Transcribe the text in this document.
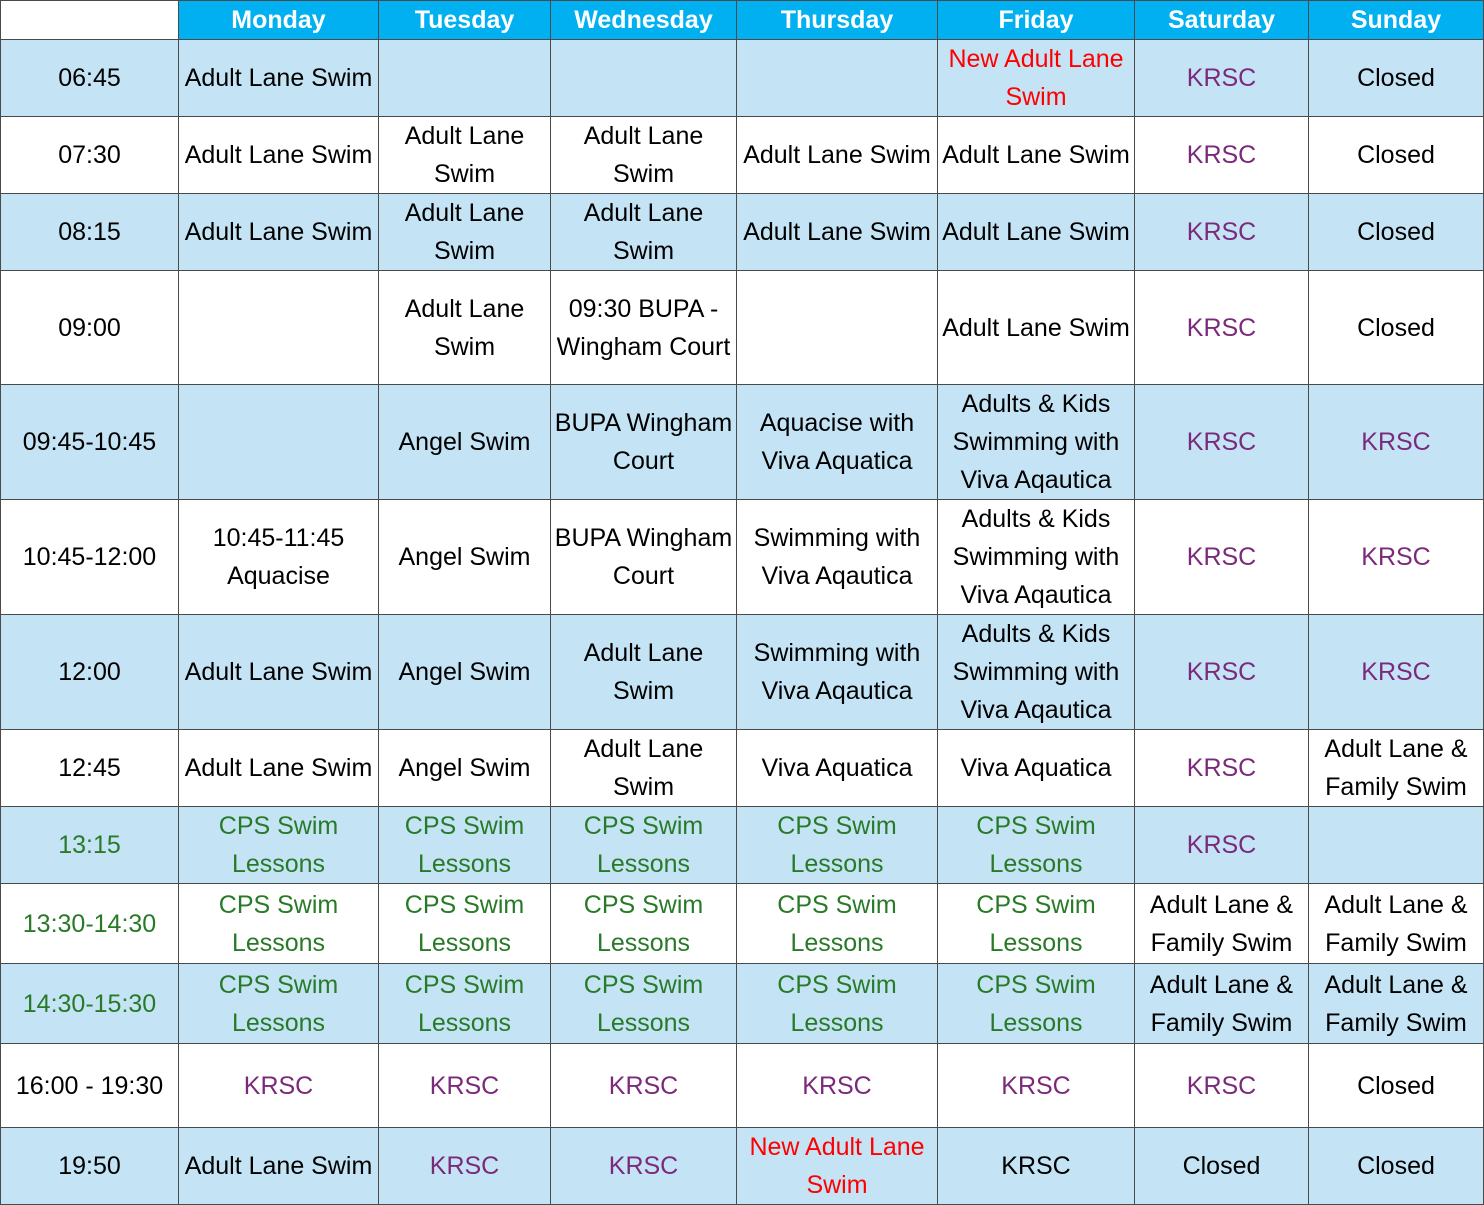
	Monday	Tuesday	Wednesday	Thursday	Friday	Saturday	Sunday
06:45	Adult Lane Swim				New Adult Lane Swim	KRSC	Closed
07:30	Adult Lane Swim	Adult Lane Swim	Adult Lane Swim	Adult Lane Swim	Adult Lane Swim	KRSC	Closed
08:15	Adult Lane Swim	Adult Lane Swim	Adult Lane Swim	Adult Lane Swim	Adult Lane Swim	KRSC	Closed
09:00		Adult Lane Swim	09:30 BUPA - Wingham Court		Adult Lane Swim	KRSC	Closed
09:45-10:45		Angel Swim	BUPA Wingham Court	Aquacise with Viva Aquatica	Adults & Kids Swimming with Viva Aqautica	KRSC	KRSC
10:45-12:00	10:45-11:45 Aquacise	Angel Swim	BUPA Wingham Court	Swimming with Viva Aqautica	Adults & Kids Swimming with Viva Aqautica	KRSC	KRSC
12:00	Adult Lane Swim	Angel Swim	Adult Lane Swim	Swimming with Viva Aqautica	Adults & Kids Swimming with Viva Aqautica	KRSC	KRSC
12:45	Adult Lane Swim	Angel Swim	Adult Lane Swim	Viva Aquatica	Viva Aquatica	KRSC	Adult Lane & Family Swim
13:15	CPS Swim Lessons	CPS Swim Lessons	CPS Swim Lessons	CPS Swim Lessons	CPS Swim Lessons	KRSC	
13:30-14:30	CPS Swim Lessons	CPS Swim Lessons	CPS Swim Lessons	CPS Swim Lessons	CPS Swim Lessons	Adult Lane & Family Swim	Adult Lane & Family Swim
14:30-15:30	CPS Swim Lessons	CPS Swim Lessons	CPS Swim Lessons	CPS Swim Lessons	CPS Swim Lessons	Adult Lane & Family Swim	Adult Lane & Family Swim
16:00 - 19:30	KRSC	KRSC	KRSC	KRSC	KRSC	KRSC	Closed
19:50	Adult Lane Swim	KRSC	KRSC	New Adult Lane Swim	KRSC	Closed	Closed
